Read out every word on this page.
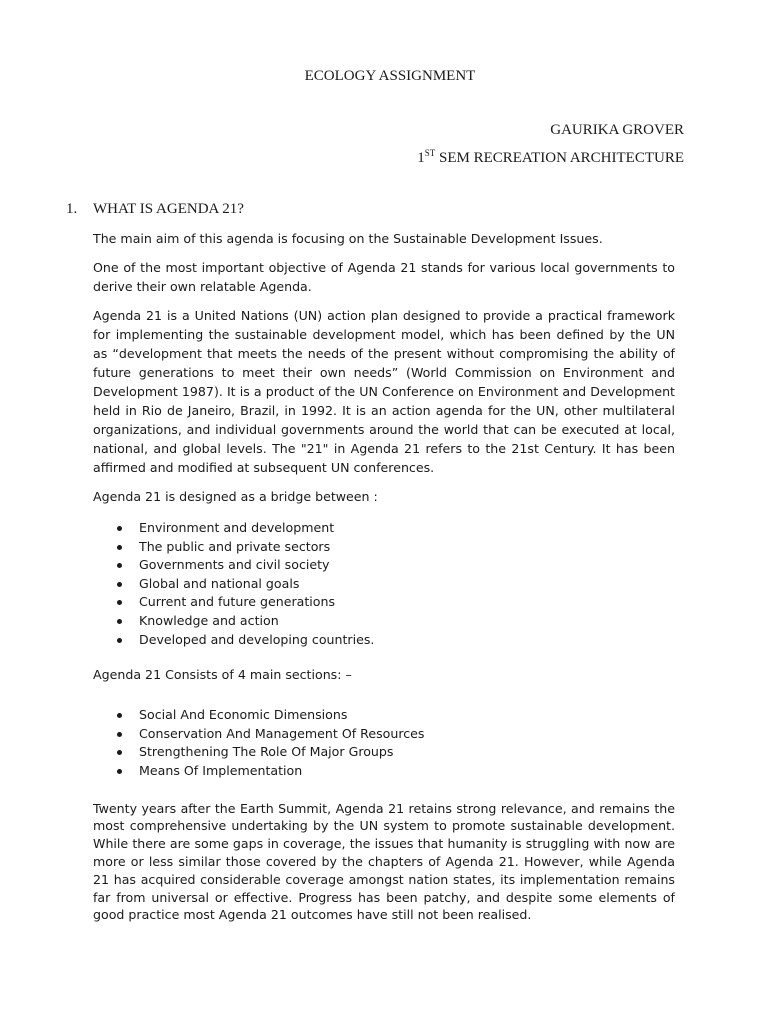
ECOLOGY ASSIGNMENT
GAURIKA GROVER
1ST SEM RECREATION ARCHITECTURE
1. WHAT IS AGENDA 21?

The main aim of this agenda is focusing on the Sustainable Development Issues.

One of the most important objective of Agenda 21 stands for various local governments to derive their own relatable Agenda.

Agenda 21 is a United Nations (UN) action plan designed to provide a practical framework for implementing the sustainable development model, which has been defined by the UN as “development that meets the needs of the present without compromising the ability of future generations to meet their own needs” (World Commission on Environment and Development 1987). It is a product of the UN Conference on Environment and Development held in Rio de Janeiro, Brazil, in 1992. It is an action agenda for the UN, other multilateral organizations, and individual governments around the world that can be executed at local, national, and global levels. The "21" in Agenda 21 refers to the 21st Century. It has been affirmed and modified at subsequent UN conferences.

Agenda 21 is designed as a bridge between :

Environment and development
The public and private sectors
Governments and civil society
Global and national goals
Current and future generations
Knowledge and action
Developed and developing countries.

Agenda 21 Consists of 4 main sections: –

Social And Economic Dimensions
Conservation And Management Of Resources
Strengthening The Role Of Major Groups
Means Of Implementation

Twenty years after the Earth Summit, Agenda 21 retains strong relevance, and remains the most comprehensive undertaking by the UN system to promote sustainable development. While there are some gaps in coverage, the issues that humanity is struggling with now are more or less similar those covered by the chapters of Agenda 21. However, while Agenda 21 has acquired considerable coverage amongst nation states, its implementation remains far from universal or effective. Progress has been patchy, and despite some elements of good practice most Agenda 21 outcomes have still not been realised.
